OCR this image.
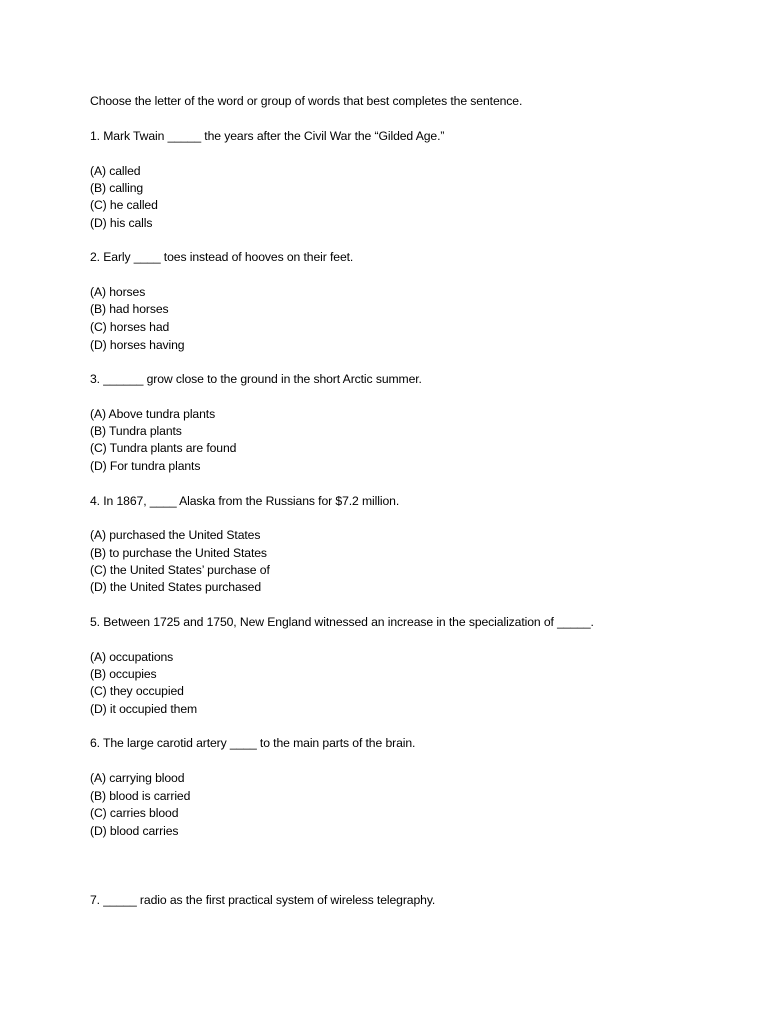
Choose the letter of the word or group of words that best completes the sentence.
1. Mark Twain _____ the years after the Civil War the “Gilded Age.”
(A) called
(B) calling
(C) he called
(D) his calls
2. Early ____ toes instead of hooves on their feet.
(A) horses
(B) had horses
(C) horses had
(D) horses having
3. ______ grow close to the ground in the short Arctic summer.
(A) Above tundra plants
(B) Tundra plants
(C) Tundra plants are found
(D) For tundra plants
4. In 1867, ____ Alaska from the Russians for $7.2 million.
(A) purchased the United States
(B) to purchase the United States
(C) the United States’ purchase of
(D) the United States purchased
5. Between 1725 and 1750, New England witnessed an increase in the specialization of _____.
(A) occupations
(B) occupies
(C) they occupied
(D) it occupied them
6. The large carotid artery ____ to the main parts of the brain.
(A) carrying blood
(B) blood is carried
(C) carries blood
(D) blood carries
7. _____ radio as the first practical system of wireless telegraphy.
